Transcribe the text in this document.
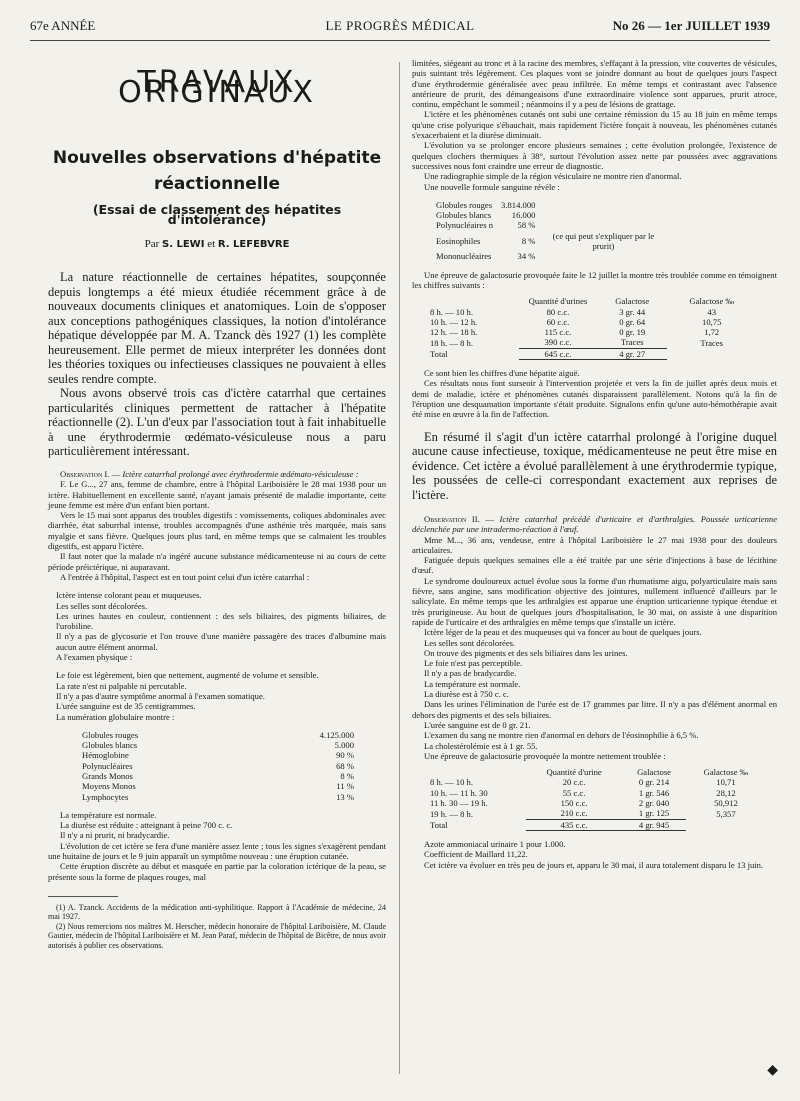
67e ANNÉE	LE PROGRÈS MÉDICAL	No 26 — 1er JUILLET 1939
TRAVAUX ORIGINAUX
Nouvelles observations d'hépatite
réactionnelle
(Essai de classement des hépatites d'intolérance)
Par S. LEWI et R. LEFEBVRE

La nature réactionnelle de certaines hépatites, soupçonnée depuis longtemps a été mieux étudiée récemment grâce à de nouveaux documents cliniques et anatomiques. Loin de s'opposer aux conceptions pathogéniques classiques, la notion d'intolérance hépatique développée par M. A. Tzanck dès 1927 (1) les complète heureusement. Elle permet de mieux interpréter les données dont les théories toxiques ou infectieuses classiques ne pouvaient à elles seules rendre compte.

Nous avons observé trois cas d'ictère catarrhal que certaines particularités cliniques permettent de rattacher à l'hépatite réactionnelle (2). L'un d'eux par l'association tout à fait inhabituelle à une érythrodermie œdémato-vésiculeuse nous a paru particulièrement intéressant.

Observation I. — Ictère catarrhal prolongé avec érythrodermie œdémato-vésiculeuse :

F. Le G..., 27 ans, femme de chambre, entre à l'hôpital Lariboisière le 28 mai 1938 pour un ictère. Habituellement en excellente santé, n'ayant jamais présenté de maladie importante, cette jeune femme est mère d'un enfant bien portant.

Vers le 15 mai sont apparus des troubles digestifs : vomissements, coliques abdominales avec diarrhée, état saburrhal intense, troubles accompagnés d'une asthénie très marquée, mais sans myalgie et sans fièvre. Quelques jours plus tard, en même temps que se calmaient les troubles digestifs, est apparu l'ictère.

Il faut noter que la malade n'a ingéré aucune substance médicamenteuse ni au cours de cette période préictérique, ni auparavant.

A l'entrée à l'hôpital, l'aspect est en tout point celui d'un ictère catarrhal :

Ictère intense colorant peau et muqueuses.

Les selles sont décolorées.

Les urines hautes en couleur, contiennent : des sels biliaires, des pigments biliaires, de l'urobiline.

Il n'y a pas de glycosurie et l'on trouve d'une manière passagère des traces d'albumine mais aucun autre élément anormal.

A l'examen physique :

Le foie est légèrement, bien que nettement, augmenté de volume et sensible.

La rate n'est ni palpable ni percutable.

Il n'y a pas d'autre symptôme anormal à l'examen somatique.

L'urée sanguine est de 35 centigrammes.

La numération globulaire montre :

Globules rouges	4.125.000
Globules blancs	5.000
Hémoglobine	90 %
Polynucléaires	68 %
Grands Monos	8 %
Moyens Monos	11 %
Lymphocytes	13 %

La température est normale.

La diurèse est réduite : atteignant à peine 700 c. c.

Il n'y a ni prurit, ni bradycardie.

L'évolution de cet ictère se fera d'une manière assez lente ; tous les signes s'exagèrent pendant une huitaine de jours et le 9 juin apparaît un symptôme nouveau : une éruption cutanée.

Cette éruption discrète au début et masquée en partie par la coloration ictérique de la peau, se présente sous la forme de plaques rouges, mal

(1) A. Tzanck. Accidents de la médication anti-syphilitique. Rapport à l'Académie de médecine, 24 mai 1927.

(2) Nous remercions nos maîtres M. Herscher, médecin honoraire de l'hôpital Lariboisière, M. Claude Gautier, médecin de l'hôpital Lariboisière et M. Jean Paraf, médecin de l'hôpital de Bicêtre, de nous avoir autorisés à publier ces observations.

limitées, siégeant au tronc et à la racine des membres, s'effaçant à la pression, vite couvertes de vésicules, puis suintant très légèrement. Ces plaques vont se joindre donnant au bout de quelques jours l'aspect d'une érythrodermie généralisée avec peau infiltrée. En même temps et contrastant avec l'absence antérieure de prurit, des démangeaisons d'une extraordinaire violence sont apparues, prurit atroce, continu, empêchant le sommeil ; néanmoins il y a peu de lésions de grattage.

L'ictère et les phénomènes cutanés ont subi une certaine rémission du 15 au 18 juin en même temps qu'une crise polyurique s'ébauchait, mais rapidement l'ictère fonçait à nouveau, les phénomènes cutanés s'exacerbaient et la diurèse diminuait.

L'évolution va se prolonger encore plusieurs semaines ; cette évolution prolongée, l'existence de quelques clochers thermiques à 38°, surtout l'évolution assez nette par poussées avec aggravations successives nous font craindre une erreur de diagnostic.

Une radiographie simple de la région vésiculaire ne montre rien d'anormal.

Une nouvelle formule sanguine révèle :

Globules rouges	3.814.000	
Globules blancs	16.000	
Polynucléaires n	58 %	
Eosinophiles	8 %	(ce qui peut s'expliquer par le prurit)
Mononucléaires	34 %	

Une épreuve de galactosurie provoquée faite le 12 juillet la montre très troublée comme en témoignent les chiffres suivants :

	Quantité d'urines	Galactose	Galactose ‰
8 h. — 10 h.	80 c.c.	3 gr. 44	43
10 h. — 12 h.	60 c.c.	0 gr. 64	10,75
12 h. — 18 h.	115 c.c.	0 gr. 19	1,72
18 h. — 8 h.	390 c.c.	Traces	Traces
Total	645 c.c.	4 gr. 27	

Ce sont bien les chiffres d'une hépatite aiguë.

Ces résultats nous font surseoir à l'intervention projetée et vers la fin de juillet après deux mois et demi de maladie, ictère et phénomènes cutanés disparaissent parallèlement. Notons qu'à la fin de l'éruption une desquamation importante s'était produite. Signalons enfin qu'une auto-hémothérapie avait été mise en œuvre à la fin de l'affection.

En résumé il s'agit d'un ictère catarrhal prolongé à l'origine duquel aucune cause infectieuse, toxique, médicamenteuse ne peut être mise en évidence. Cet ictère a évolué parallèlement à une érythrodermie typique, les poussées de celle-ci correspondant exactement aux reprises de l'ictère.

Observation II. — Ictère catarrhal précédé d'urticaire et d'arthralgies. Poussée urticarienne déclenchée par une intradermo-réaction à l'œuf.

Mme M..., 36 ans, vendeuse, entre à l'hôpital Lariboisière le 27 mai 1938 pour des douleurs articulaires.

Fatiguée depuis quelques semaines elle a été traitée par une série d'injections à base de lécithine d'œuf.

Le syndrome douloureux actuel évolue sous la forme d'un rhumatisme aigu, polyarticulaire mais sans fièvre, sans angine, sans modification objective des jointures, nullement influencé d'ailleurs par le salicylate. En même temps que les arthralgies est apparue une éruption urticarienne typique étendue et très prurigineuse. Au bout de quelques jours d'hospitalisation, le 30 mai, on assiste à une disparition rapide de l'urticaire et des arthralgies en même temps que s'installe un ictère.

Ictère léger de la peau et des muqueuses qui va foncer au bout de quelques jours.

Les selles sont décolorées.

On trouve des pigments et des sels biliaires dans les urines.

Le foie n'est pas perceptible.

Il n'y a pas de bradycardie.

La température est normale.

La diurèse est à 750 c. c.

Dans les urines l'élimination de l'urée est de 17 grammes par litre. Il n'y a pas d'élément anormal en dehors des pigments et des sels biliaires.

L'urée sanguine est de 0 gr. 21.

L'examen du sang ne montre rien d'anormal en dehors de l'éosinophilie à 6,5 %.

La cholestérolémie est à 1 gr. 55.

Une épreuve de galactosurie provoquée la montre nettement troublée :

	Quantité d'urine	Galactose	Galactose ‰
8 h. — 10 h.	20 c.c.	0 gr. 214	10,71
10 h. — 11 h. 30	55 c.c.	1 gr. 546	28,12
11 h. 30 — 19 h.	150 c.c.	2 gr. 040	50,912
19 h. — 8 h.	210 c.c.	1 gr. 125	5,357
Total	435 c.c.	4 gr. 945	

Azote ammoniacal urinaire 1 pour 1.000.

Coefficient de Maillard 11,22.

Cet ictère va évoluer en très peu de jours et, apparu le 30 mai, il aura totalement disparu le 13 juin.

◆
